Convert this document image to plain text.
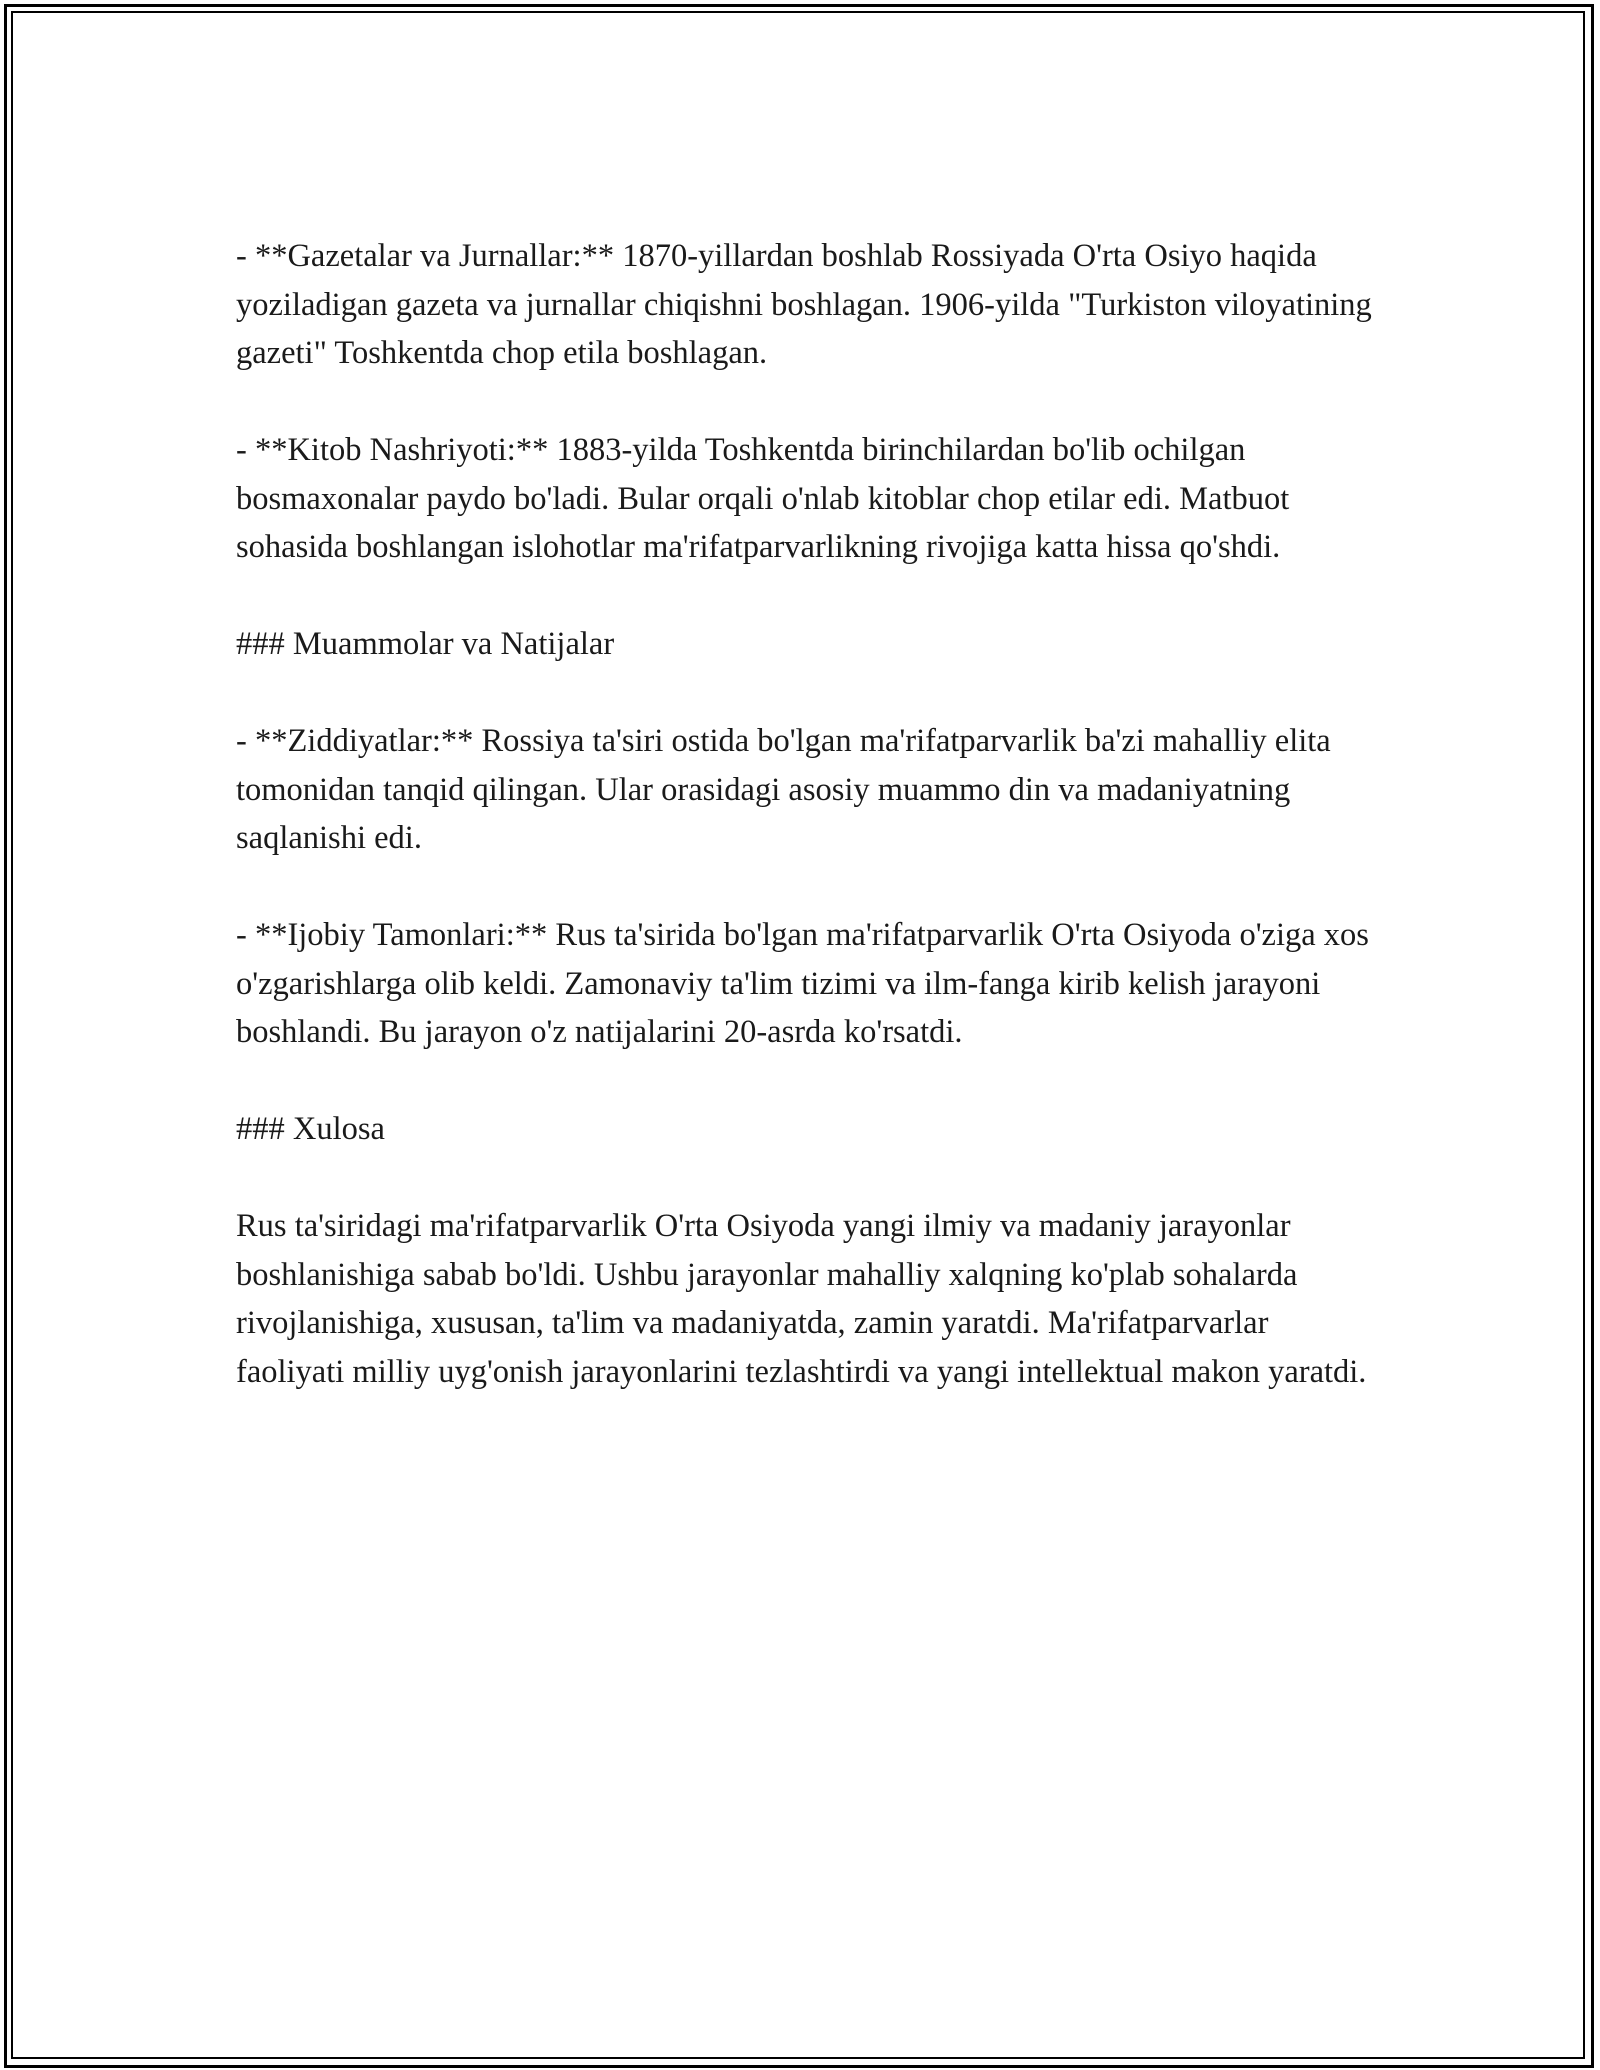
- **Gazetalar va Jurnallar:** 1870-yillardan boshlab Rossiyada O'rta Osiyo haqida yoziladigan gazeta va jurnallar chiqishni boshlagan. 1906-yilda "Turkiston viloyatining gazeti" Toshkentda chop etila boshlagan.

- **Kitob Nashriyoti:** 1883-yilda Toshkentda birinchilardan bo'lib ochilgan bosmaxonalar paydo bo'ladi. Bular orqali o'nlab kitoblar chop etilar edi. Matbuot sohasida boshlangan islohotlar ma'rifatparvarlikning rivojiga katta hissa qo'shdi.

### Muammolar va Natijalar

- **Ziddiyatlar:** Rossiya ta'siri ostida bo'lgan ma'rifatparvarlik ba'zi mahalliy elita tomonidan tanqid qilingan. Ular orasidagi asosiy muammo din va madaniyatning saqlanishi edi.

- **Ijobiy Tamonlari:** Rus ta'sirida bo'lgan ma'rifatparvarlik O'rta Osiyoda o'ziga xos o'zgarishlarga olib keldi. Zamonaviy ta'lim tizimi va ilm-fanga kirib kelish jarayoni boshlandi. Bu jarayon o'z natijalarini 20-asrda ko'rsatdi.

### Xulosa

Rus ta'siridagi ma'rifatparvarlik O'rta Osiyoda yangi ilmiy va madaniy jarayonlar boshlanishiga sabab bo'ldi. Ushbu jarayonlar mahalliy xalqning ko'plab sohalarda rivojlanishiga, xususan, ta'lim va madaniyatda, zamin yaratdi. Ma'rifatparvarlar faoliyati milliy uyg'onish jarayonlarini tezlashtirdi va yangi intellektual makon yaratdi.
